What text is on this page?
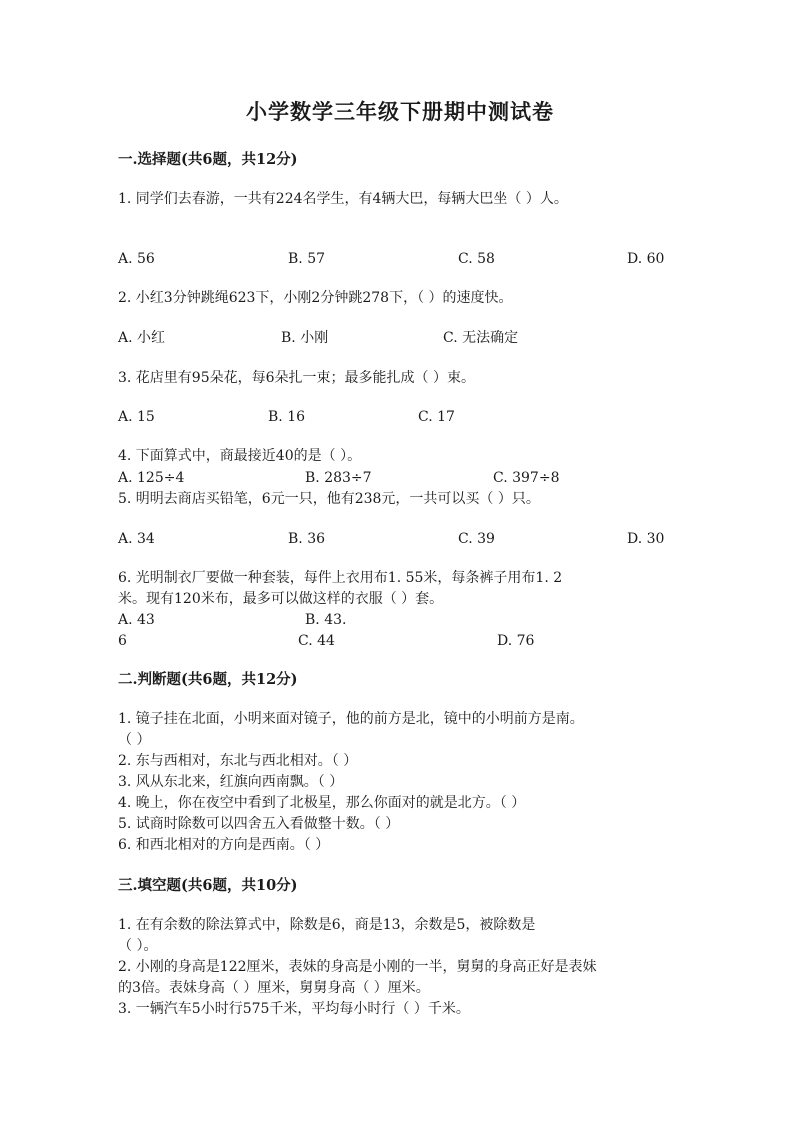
小学数学三年级下册期中测试卷
一.选择题(共6题，共12分)
1. 同学们去春游，一共有224名学生，有4辆大巴，每辆大巴坐（ ）人。
A. 56	B. 57	C. 58	D. 60
2. 小红3分钟跳绳623下，小刚2分钟跳278下，（ ）的速度快。
A. 小红	B. 小刚	C. 无法确定
3. 花店里有95朵花，每6朵扎一束；最多能扎成（ ）束。
A. 15	B. 16	C. 17
4. 下面算式中，商最接近40的是（ ）。
A. 125÷4	B. 283÷7	C. 397÷8
5. 明明去商店买铅笔，6元一只，他有238元，一共可以买（ ）只。
A. 34	B. 36	C. 39	D. 30
6. 光明制衣厂要做一种套装，每件上衣用布1. 55米，每条裤子用布1. 2
米。现有120米布，最多可以做这样的衣服（ ）套。
A. 43	B. 43.
6	C. 44	D. 76
二.判断题(共6题，共12分)
1. 镜子挂在北面，小明来面对镜子，他的前方是北，镜中的小明前方是南。
（ ）
2. 东与西相对，东北与西北相对。（ ）
3. 风从东北来，红旗向西南飘。（ ）
4. 晚上，你在夜空中看到了北极星，那么你面对的就是北方。（ ）
5. 试商时除数可以四舍五入看做整十数。（ ）
6. 和西北相对的方向是西南。（ ）
三.填空题(共6题，共10分)
1. 在有余数的除法算式中，除数是6，商是13，余数是5，被除数是
（ ）。
2. 小刚的身高是122厘米，表妹的身高是小刚的一半，舅舅的身高正好是表妹
的3倍。表妹身高（ ）厘米，舅舅身高（ ）厘米。
3. 一辆汽车5小时行575千米，平均每小时行（ ）千米。
